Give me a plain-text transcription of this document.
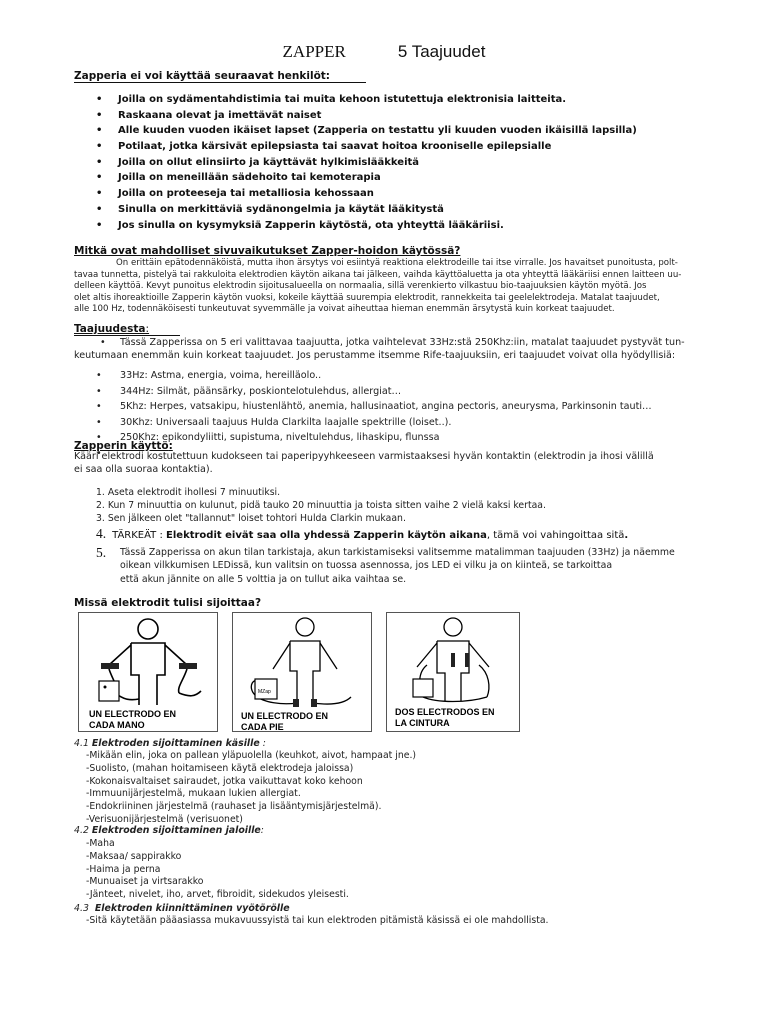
ZAPPER	5 Taajuudet
Zapperia ei voi käyttää seuraavat henkilöt:
• Joilla on sydämentahdistimia tai muita kehoon istutettuja elektronisia laitteita.
• Raskaana olevat ja imettävät naiset
• Alle kuuden vuoden ikäiset lapset (Zapperia on testattu yli kuuden vuoden ikäisillä lapsilla)
• Potilaat, jotka kärsivät epilepsiasta tai saavat hoitoa krooniselle epilepsialle
• Joilla on ollut elinsiirto ja käyttävät hylkimislääkkeitä
• Joilla on meneillään sädehoito tai kemoterapia
• Joilla on proteeseja tai metalliosia kehossaan
• Sinulla on merkittäviä sydänongelmia ja käytät lääkitystä
• Jos sinulla on kysymyksiä Zapperin käytöstä, ota yhteyttä lääkäriisi.
Mitkä ovat mahdolliset sivuvaikutukset Zapper-hoidon käytössä?
On erittäin epätodennäköistä, mutta ihon ärsytys voi esiintyä reaktiona elektrodeille tai itse virralle. Jos havaitset punoitusta, polt-
tavaa tunnetta, pistelyä tai rakkuloita elektrodien käytön aikana tai jälkeen, vaihda käyttöaluetta ja ota yhteyttä lääkäriisi ennen laitteen uu-
delleen käyttöä. Kevyt punoitus elektrodin sijoitusalueella on normaalia, sillä verenkierto vilkastuu bio-taajuuksien käytön myötä. Jos
olet altis ihoreaktioille Zapperin käytön vuoksi, kokeile käyttää suurempia elektrodit, rannekkeita tai geelelektrodeja. Matalat taajuudet,
alle 100 Hz, todennäköisesti tunkeutuvat syvemmälle ja voivat aiheuttaa hieman enemmän ärsytystä kuin korkeat taajuudet.
Taajuudesta:
• Tässä Zapperissa on 5 eri valittavaa taajuutta, jotka vaihtelevat 33Hz:stä 250Khz:iin, matalat taajuudet pystyvät tun-
keutumaan enemmän kuin korkeat taajuudet. Jos perustamme itsemme Rife-taajuuksiin, eri taajuudet voivat olla hyödyllisiä:
• 33Hz: Astma, energia, voima, hereilläolo..
• 344Hz: Silmät, päänsärky, poskiontelotulehdus, allergiat…
• 5Khz: Herpes, vatsakipu, hiustenlähtö, anemia, hallusinaatiot, angina pectoris, aneurysma, Parkinsonin tauti…
• 30Khz: Universaali taajuus Hulda Clarkilta laajalle spektrille (loiset..).
• 250Khz: epikondyliitti, supistuma, niveltulehdus, lihaskipu, flunssa
•
Zapperin käyttö:
Kääri elektrodi kostutettuun kudokseen tai paperipyyhkeeseen varmistaaksesi hyvän kontaktin (elektrodin ja ihosi välillä
ei saa olla suoraa kontaktia).
1. Aseta elektrodit ihollesi 7 minuutiksi.
2. Kun 7 minuuttia on kulunut, pidä tauko 20 minuuttia ja toista sitten vaihe 2 vielä kaksi kertaa.
3. Sen jälkeen olet "tallannut" loiset tohtori Hulda Clarkin mukaan.
4. TÄRKEÄT : Elektrodit eivät saa olla yhdessä Zapperin käytön aikana, tämä voi vahingoittaa sitä.
5.	Tässä Zapperissa on akun tilan tarkistaja, akun tarkistamiseksi valitsemme matalimman taajuuden (33Hz) ja näemme
oikean vilkkumisen LEDissä, kun valitsin on tuossa asennossa, jos LED ei vilku ja on kiinteä, se tarkoittaa
että akun jännite on alle 5 volttia ja on tullut aika vaihtaa se.
Missä elektrodit tulisi sijoittaa?
UN ELECTRODO EN
CADA MANO
MZap
UN ELECTRODO EN
CADA PIE
DOS ELECTRODOS EN
LA CINTURA
4.1 Elektroden sijoittaminen käsille :
-Mikään elin, joka on pallean yläpuolella (keuhkot, aivot, hampaat jne.)
-Suolisto, (mahan hoitamiseen käytä elektrodeja jaloissa)
-Kokonaisvaltaiset sairaudet, jotka vaikuttavat koko kehoon
-Immuunijärjestelmä, mukaan lukien allergiat.
-Endokriininen järjestelmä (rauhaset ja lisääntymisjärjestelmä).
-Verisuonijärjestelmä (verisuonet)
4.2 Elektroden sijoittaminen jaloille:
-Maha
-Maksaa/ sappirakko
-Haima ja perna
-Munuaiset ja virtsarakko
-Jänteet, nivelet, iho, arvet, fibroidit, sidekudos yleisesti.
4.3 Elektroden kiinnittäminen vyötörölle
-Sitä käytetään pääasiassa mukavuussyistä tai kun elektroden pitämistä käsissä ei ole mahdollista.
